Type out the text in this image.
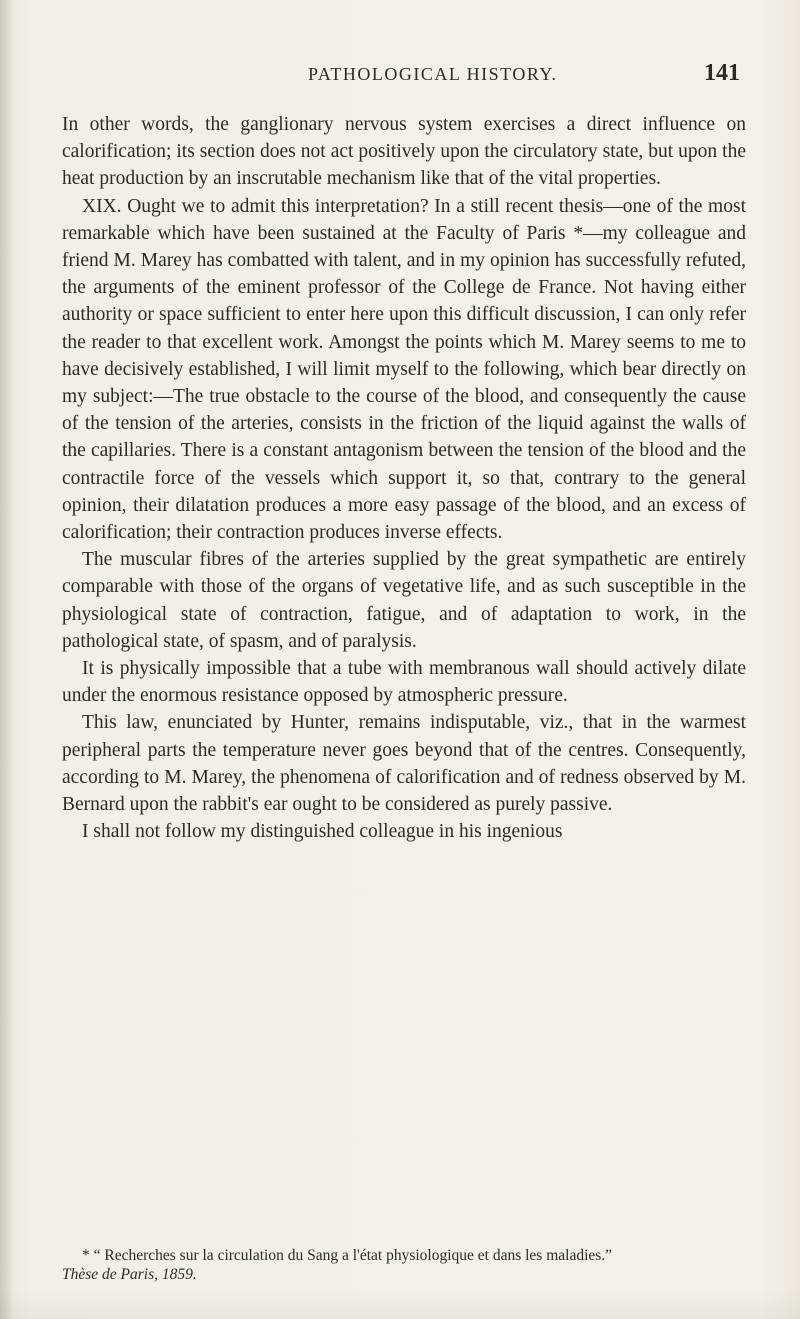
PATHOLOGICAL HISTORY.	141

In other words, the ganglionary nervous system exercises a direct influence on calorification; its section does not act positively upon the circulatory state, but upon the heat production by an inscrutable mechanism like that of the vital properties.

XIX. Ought we to admit this interpretation? In a still recent thesis—one of the most remarkable which have been sustained at the Faculty of Paris *—my colleague and friend M. Marey has combatted with talent, and in my opinion has successfully refuted, the arguments of the eminent professor of the College de France. Not having either authority or space sufficient to enter here upon this difficult discussion, I can only refer the reader to that excellent work. Amongst the points which M. Marey seems to me to have decisively established, I will limit myself to the following, which bear directly on my subject:—The true obstacle to the course of the blood, and consequently the cause of the tension of the arteries, consists in the friction of the liquid against the walls of the capillaries. There is a constant antagonism between the tension of the blood and the contractile force of the vessels which support it, so that, contrary to the general opinion, their dilatation produces a more easy passage of the blood, and an excess of calorification; their contraction produces inverse effects.

The muscular fibres of the arteries supplied by the great sympathetic are entirely comparable with those of the organs of vegetative life, and as such susceptible in the physiological state of contraction, fatigue, and of adaptation to work, in the pathological state, of spasm, and of paralysis.

It is physically impossible that a tube with membranous wall should actively dilate under the enormous resistance opposed by atmospheric pressure.

This law, enunciated by Hunter, remains indisputable, viz., that in the warmest peripheral parts the temperature never goes beyond that of the centres. Consequently, according to M. Marey, the phenomena of calorification and of redness observed by M. Bernard upon the rabbit's ear ought to be considered as purely passive.

I shall not follow my distinguished colleague in his ingenious

* “ Recherches sur la circulation du Sang a l'état physiologique et dans les maladies.”
Thèse de Paris, 1859.
